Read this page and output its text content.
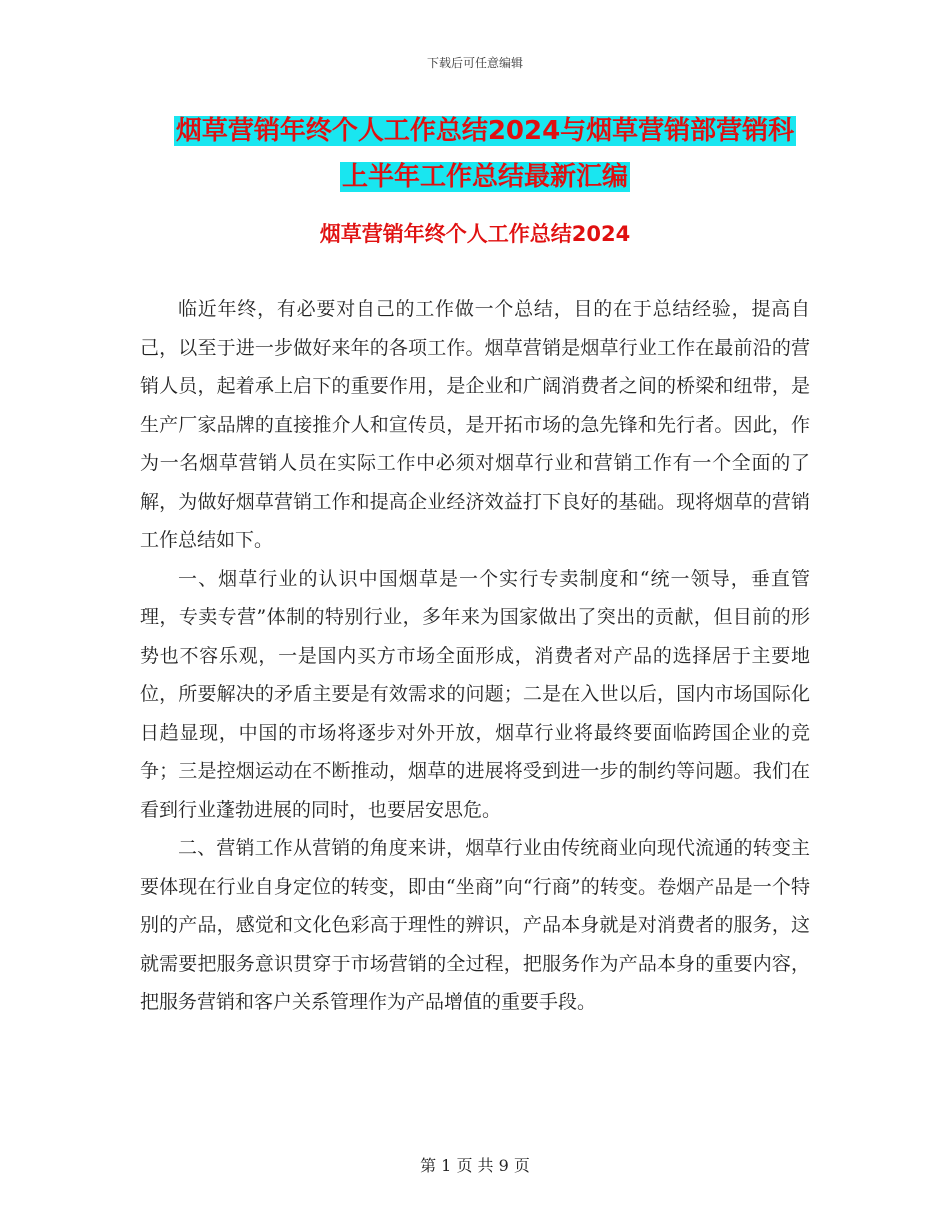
下载后可任意编辑
烟草营销年终个人工作总结2024与烟草营销部营销科
上半年工作总结最新汇编
烟草营销年终个人工作总结2024

临近年终，有必要对自己的工作做一个总结，目的在于总结经验，提高自己，以至于进一步做好来年的各项工作。烟草营销是烟草行业工作在最前沿的营销人员，起着承上启下的重要作用，是企业和广阔消费者之间的桥梁和纽带，是生产厂家品牌的直接推介人和宣传员，是开拓市场的急先锋和先行者。因此，作为一名烟草营销人员在实际工作中必须对烟草行业和营销工作有一个全面的了解，为做好烟草营销工作和提高企业经济效益打下良好的基础。现将烟草的营销工作总结如下。

一、烟草行业的认识中国烟草是一个实行专卖制度和“统一领导，垂直管理，专卖专营”体制的特别行业，多年来为国家做出了突出的贡献，但目前的形势也不容乐观，一是国内买方市场全面形成，消费者对产品的选择居于主要地位，所要解决的矛盾主要是有效需求的问题；二是在入世以后，国内市场国际化日趋显现，中国的市场将逐步对外开放，烟草行业将最终要面临跨国企业的竞争；三是控烟运动在不断推动，烟草的进展将受到进一步的制约等问题。我们在看到行业蓬勃进展的同时，也要居安思危。

二、营销工作从营销的角度来讲，烟草行业由传统商业向现代流通的转变主要体现在行业自身定位的转变，即由“坐商”向“行商”的转变。卷烟产品是一个特别的产品，感觉和文化色彩高于理性的辨识，产品本身就是对消费者的服务，这就需要把服务意识贯穿于市场营销的全过程，把服务作为产品本身的重要内容，把服务营销和客户关系管理作为产品增值的重要手段。

第 1 页 共 9 页
